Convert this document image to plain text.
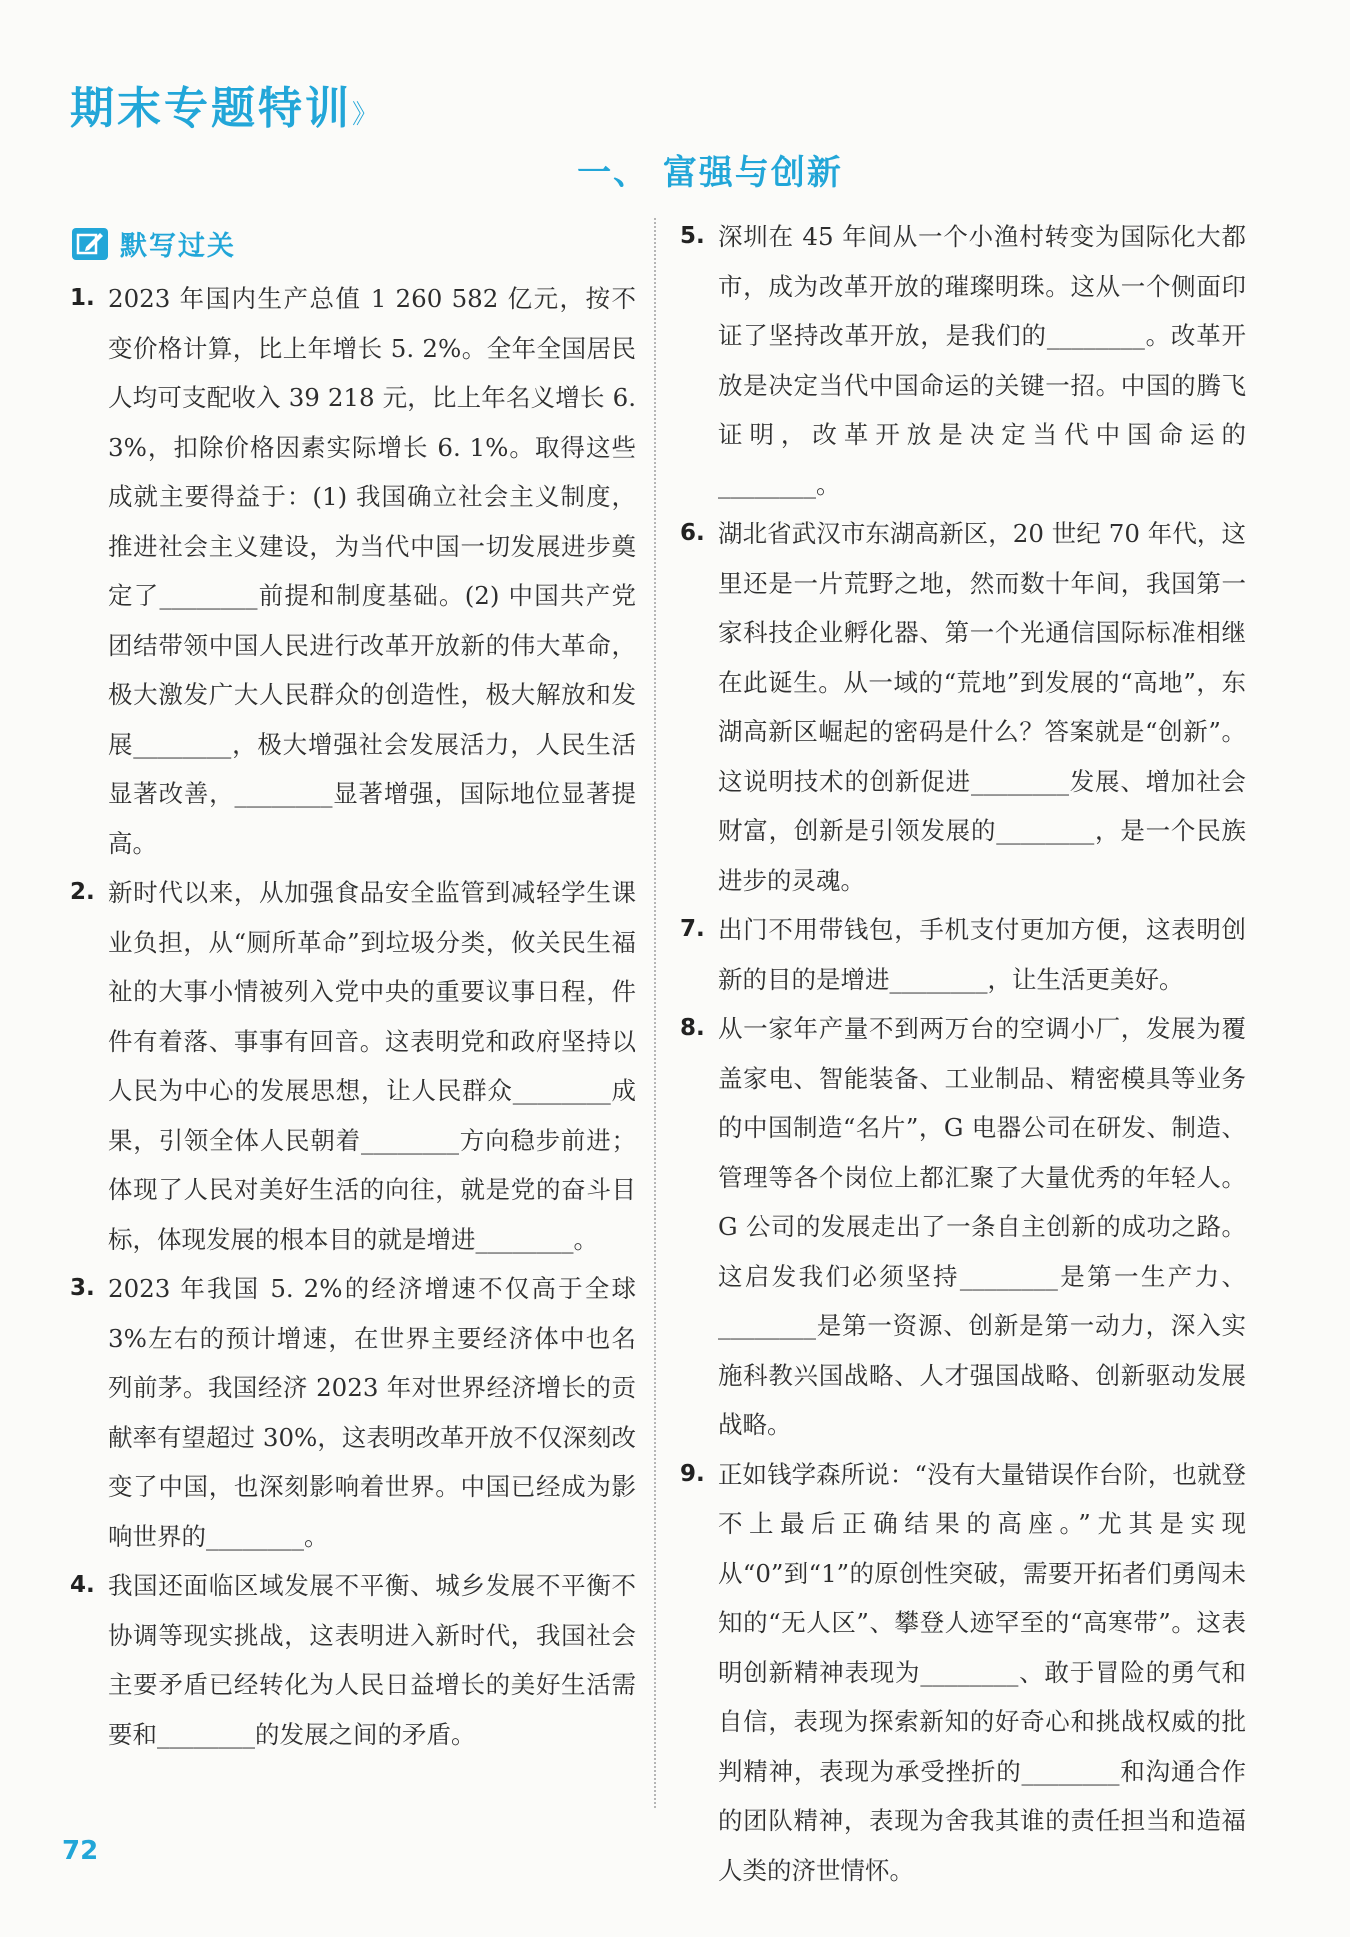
期末专题特训 》
一、 富强与创新
默写过关
1. 2023 年国内生产总值 1 260 582 亿元，按不变价格计算，比上年增长 5. 2%。全年全国居民人均可支配收入 39 218 元，比上年名义增长 6. 3%，扣除价格因素实际增长 6. 1%。取得这些成就主要得益于：(1) 我国确立社会主义制度，推进社会主义建设，为当代中国一切发展进步奠定了________前提和制度基础。(2) 中国共产党团结带领中国人民进行改革开放新的伟大革命，极大激发广大人民群众的创造性，极大解放和发展________，极大增强社会发展活力，人民生活显著改善，________显著增强，国际地位显著提高。
2. 新时代以来，从加强食品安全监管到减轻学生课业负担，从“厕所革命”到垃圾分类，攸关民生福祉的大事小情被列入党中央的重要议事日程，件件有着落、事事有回音。这表明党和政府坚持以人民为中心的发展思想，让人民群众________成果，引领全体人民朝着________方向稳步前进；体现了人民对美好生活的向往，就是党的奋斗目标，体现发展的根本目的就是增进________。
3. 2023 年我国 5. 2%的经济增速不仅高于全球 3%左右的预计增速，在世界主要经济体中也名列前茅。我国经济 2023 年对世界经济增长的贡献率有望超过 30%，这表明改革开放不仅深刻改变了中国，也深刻影响着世界。中国已经成为影响世界的________。
4. 我国还面临区域发展不平衡、城乡发展不平衡不协调等现实挑战，这表明进入新时代，我国社会主要矛盾已经转化为人民日益增长的美好生活需要和________的发展之间的矛盾。
5. 深圳在 45 年间从一个小渔村转变为国际化大都市，成为改革开放的璀璨明珠。这从一个侧面印证了坚持改革开放，是我们的________。改革开放是决定当代中国命运的关键一招。中国的腾飞证明，改革开放是决定当代中国命运的________。
6. 湖北省武汉市东湖高新区，20 世纪 70 年代，这里还是一片荒野之地，然而数十年间，我国第一家科技企业孵化器、第一个光通信国际标准相继在此诞生。从一域的“荒地”到发展的“高地”，东湖高新区崛起的密码是什么？答案就是“创新”。这说明技术的创新促进________发展、增加社会财富，创新是引领发展的________，是一个民族进步的灵魂。
7. 出门不用带钱包，手机支付更加方便，这表明创新的目的是增进________，让生活更美好。
8. 从一家年产量不到两万台的空调小厂，发展为覆盖家电、智能装备、工业制品、精密模具等业务的中国制造“名片”，G 电器公司在研发、制造、管理等各个岗位上都汇聚了大量优秀的年轻人。G 公司的发展走出了一条自主创新的成功之路。这启发我们必须坚持________是第一生产力、________是第一资源、创新是第一动力，深入实施科教兴国战略、人才强国战略、创新驱动发展战略。
9. 正如钱学森所说：“没有大量错误作台阶，也就登不上最后正确结果的高座。”尤其是实现从“0”到“1”的原创性突破，需要开拓者们勇闯未知的“无人区”、攀登人迹罕至的“高寒带”。这表明创新精神表现为________、敢于冒险的勇气和自信，表现为探索新知的好奇心和挑战权威的批判精神，表现为承受挫折的________和沟通合作的团队精神，表现为舍我其谁的责任担当和造福人类的济世情怀。
72
